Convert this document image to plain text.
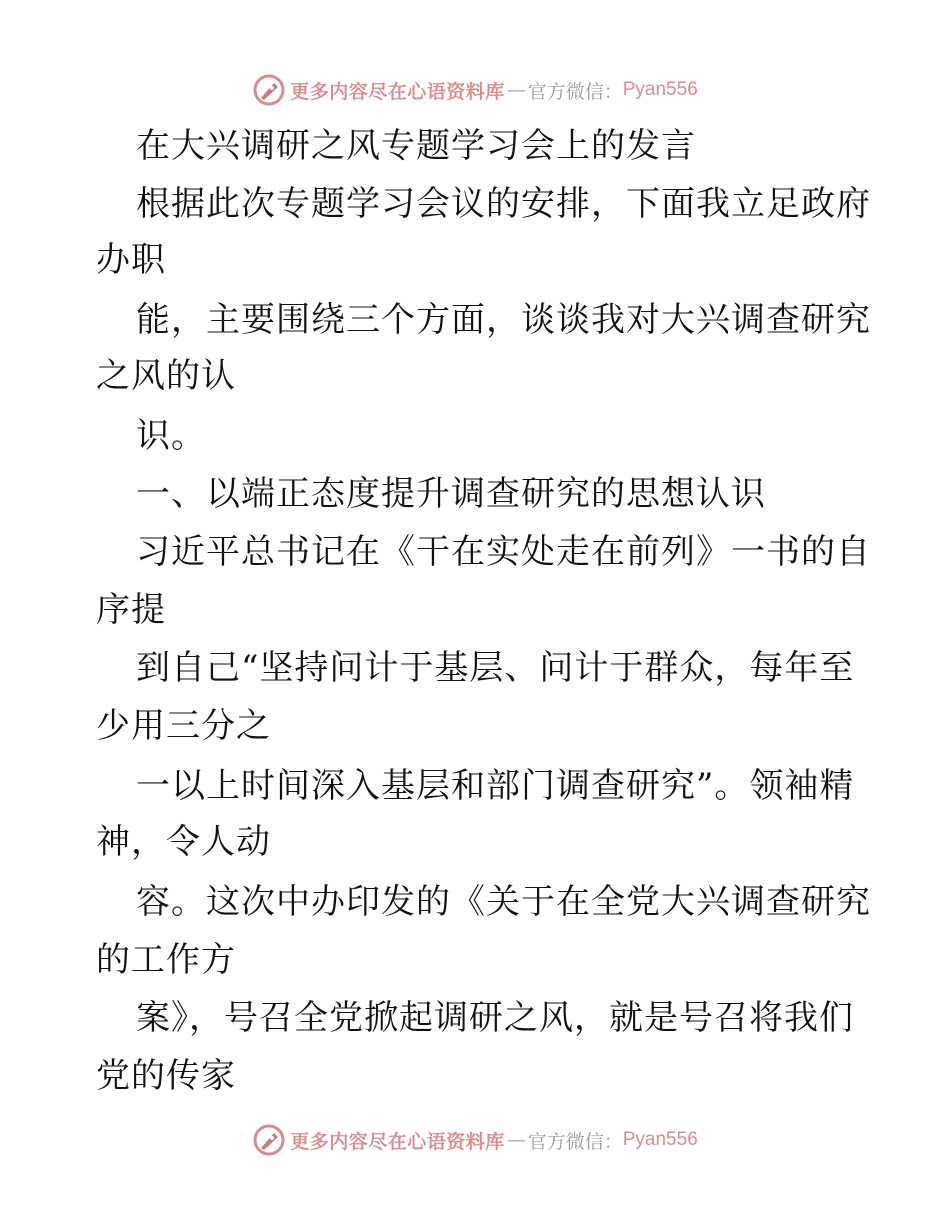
更多内容尽在心语资料库 — 官方微信： Pyan556
在大兴调研之风专题学习会上的发言
根据此次专题学习会议的安排，下面我立足政府
办职
能，主要围绕三个方面，谈谈我对大兴调查研究
之风的认
识。
一、以端正态度提升调查研究的思想认识
习近平总书记在《干在实处走在前列》一书的自
序提
到自己“坚持问计于基层、问计于群众，每年至
少用三分之
一以上时间深入基层和部门调查研究”。领袖精
神，令人动
容。这次中办印发的《关于在全党大兴调查研究
的工作方
案》，号召全党掀起调研之风，就是号召将我们
党的传家
更多内容尽在心语资料库 — 官方微信： Pyan556
